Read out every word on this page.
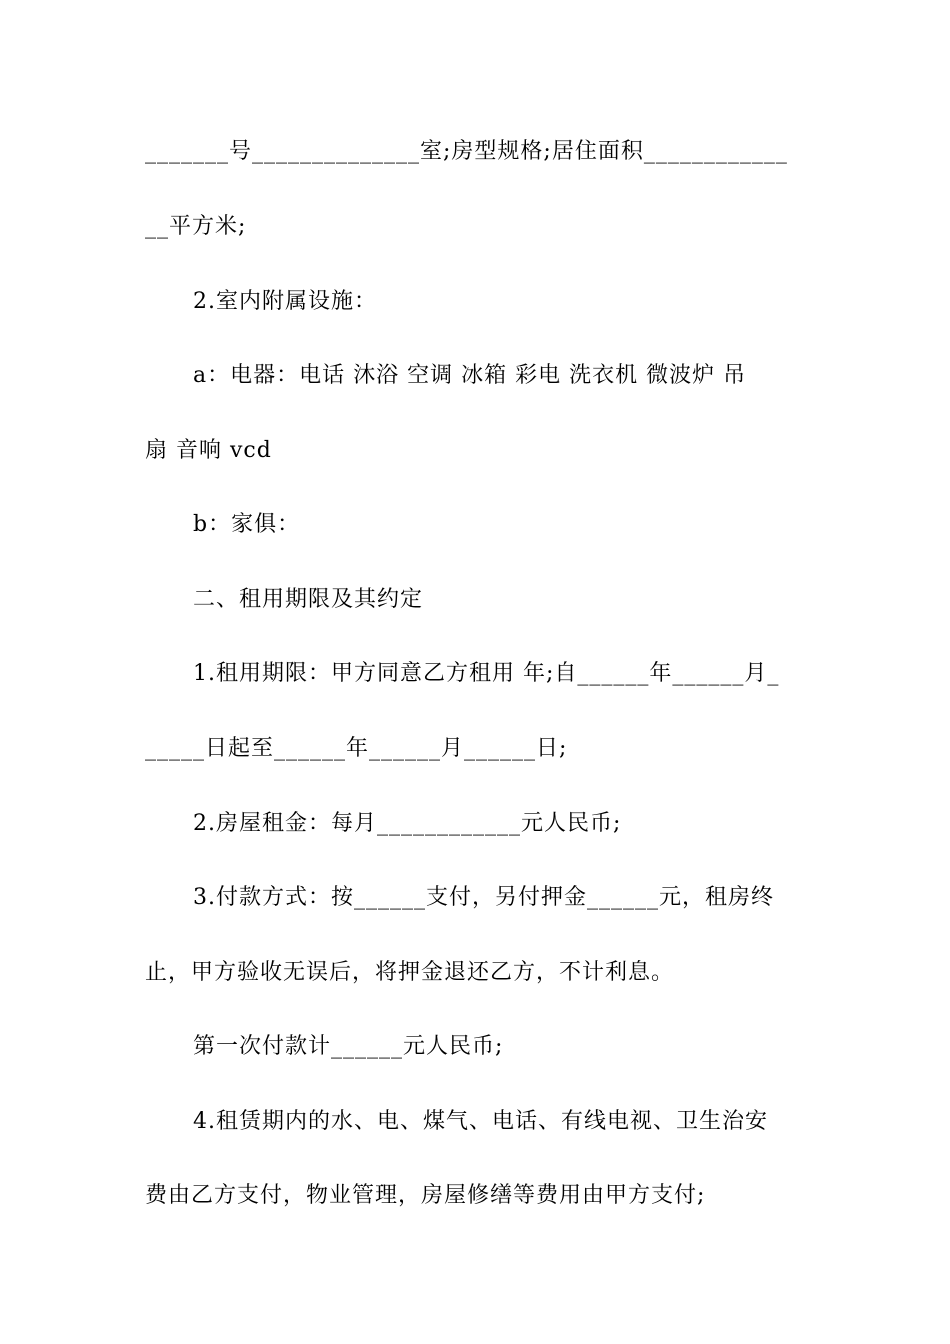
_______号______________室;房型规格;居住面积____________
__平方米;
2.室内附属设施：
a：电器：电话 沐浴 空调 冰箱 彩电 洗衣机 微波炉 吊
扇 音响 vcd
b：家俱：
二、租用期限及其约定
1.租用期限：甲方同意乙方租用 年;自______年______月_
_____日起至______年______月______日;
2.房屋租金：每月____________元人民币;
3.付款方式：按______支付，另付押金______元，租房终
止，甲方验收无误后，将押金退还乙方，不计利息。
第一次付款计______元人民币;
4.租赁期内的水、电、煤气、电话、有线电视、卫生治安
费由乙方支付，物业管理，房屋修缮等费用由甲方支付;
